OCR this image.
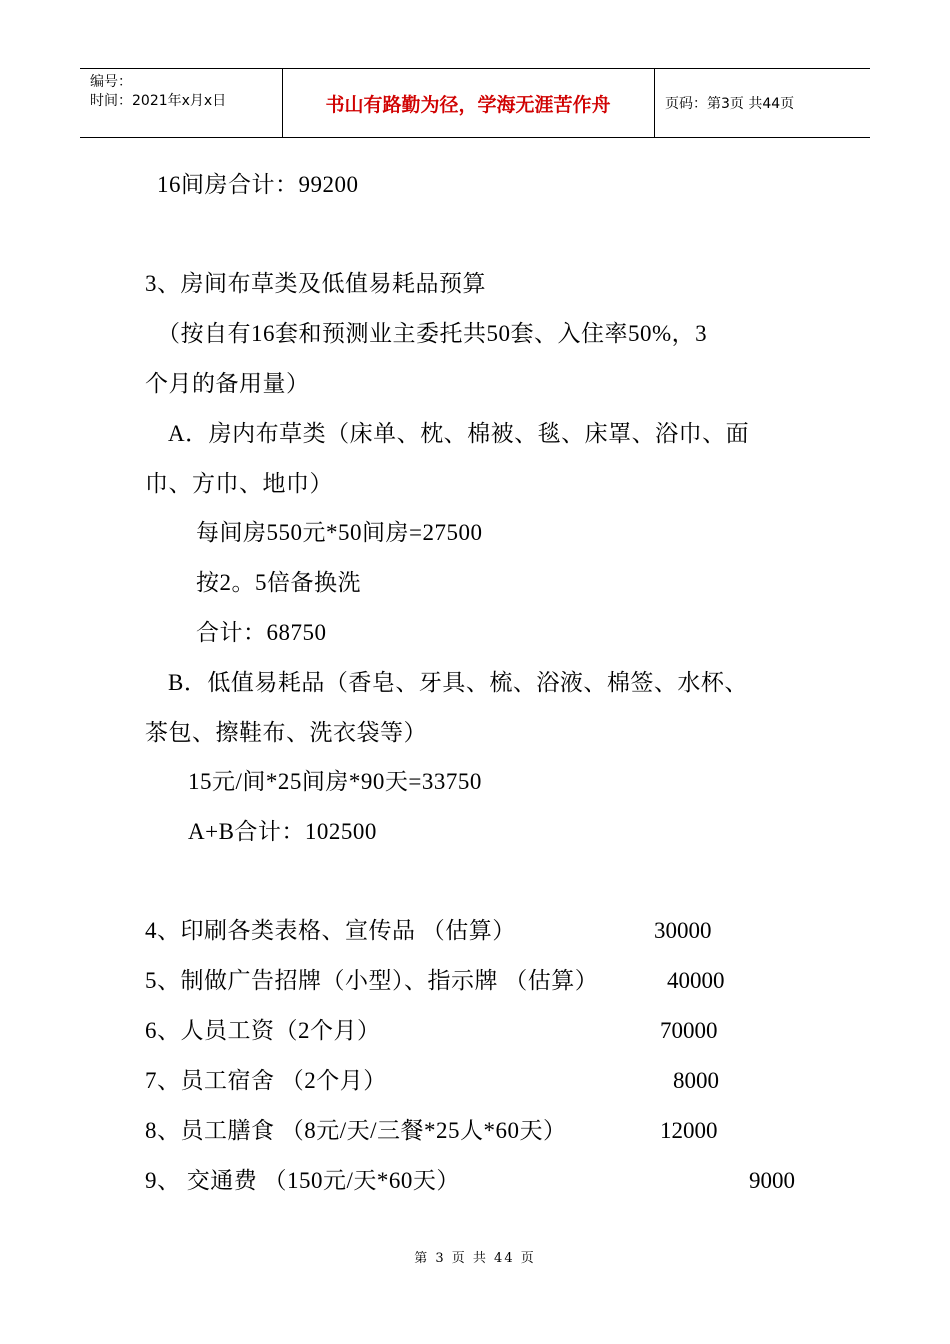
编号：
时间：2021年x月x日	书山有路勤为径，学海无涯苦作舟	页码：第3页 共44页
16间房合计：99200
3、房间布草类及低值易耗品预算
（按自有16套和预测业主委托共50套、入住率50%，3
个月的备用量）
A．房内布草类（床单、枕、棉被、毯、床罩、浴巾、面
巾、方巾、地巾）
每间房550元*50间房=27500
按2。5倍备换洗
合计：68750
B．低值易耗品（香皂、牙具、梳、浴液、棉签、水杯、
茶包、擦鞋布、洗衣袋等）
15元/间*25间房*90天=33750
A+B合计：102500
4、印刷各类表格、宣传品 （估算）	30000
5、制做广告招牌（小型）、指示牌 （估算）	40000
6、人员工资（2个月）	70000
7、员工宿舍 （2个月）	8000
8、员工膳食 （8元/天/三餐*25人*60天）	12000
9、 交通费 （150元/天*60天）	9000
第 3 页 共 44 页
